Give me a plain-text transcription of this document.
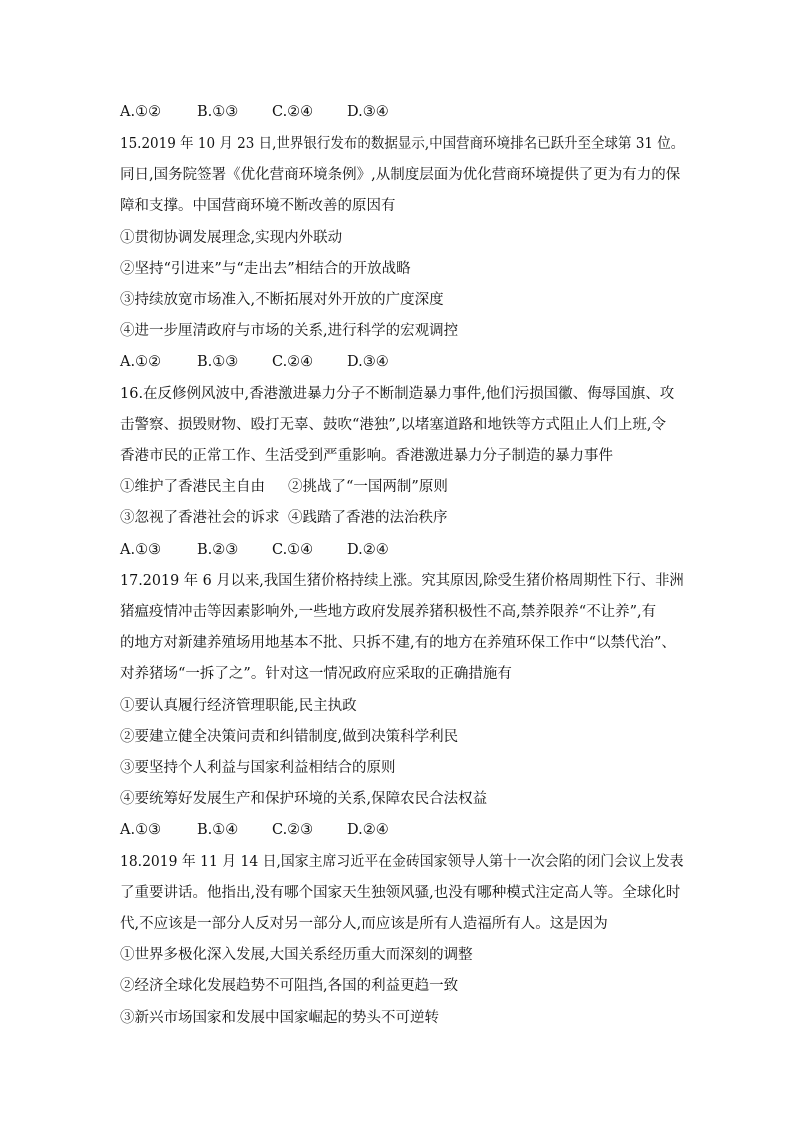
A.①② B.①③ C.②④ D.③④
15.2019 年 10 月 23 日,世界银行发布的数据显示,中国营商环境排名已跃升至全球第 31 位。
同日,国务院签署《优化营商环境条例》,从制度层面为优化营商环境提供了更为有力的保
障和支撑。中国营商环境不断改善的原因有
①贯彻协调发展理念,实现内外联动
②坚持“引进来”与“走出去”相结合的开放战略
③持续放宽市场准入,不断拓展对外开放的广度深度
④进一步厘清政府与市场的关系,进行科学的宏观调控
A.①② B.①③ C.②④ D.③④
16.在反修例风波中,香港激进暴力分子不断制造暴力事件,他们污损国徽、侮辱国旗、攻
击警察、损毁财物、殴打无辜、鼓吹“港独”,以堵塞道路和地铁等方式阻止人们上班,令
香港市民的正常工作、生活受到严重影响。香港激进暴力分子制造的暴力事件
①维护了香港民主自由 ②挑战了“一国两制”原则
③忽视了香港社会的诉求 ④践踏了香港的法治秩序
A.①③ B.②③ C.①④ D.②④
17.2019 年 6 月以来,我国生猪价格持续上涨。究其原因,除受生猪价格周期性下行、非洲
猪瘟疫情冲击等因素影响外,一些地方政府发展养猪积极性不高,禁养限养“不让养”,有
的地方对新建养殖场用地基本不批、只拆不建,有的地方在养殖环保工作中“以禁代治”、
对养猪场“一拆了之”。针对这一情况政府应采取的正确措施有
①要认真履行经济管理职能,民主执政
②要建立健全决策问责和纠错制度,做到决策科学利民
③要坚持个人利益与国家利益相结合的原则
④要统筹好发展生产和保护环境的关系,保障农民合法权益
A.①③ B.①④ C.②③ D.②④
18.2019 年 11 月 14 日,国家主席习近平在金砖国家领导人第十一次会陷的闭门会议上发表
了重要讲话。他指出,没有哪个国家天生独领风骚,也没有哪种模式注定高人等。全球化时
代,不应该是一部分人反对另一部分人,而应该是所有人造福所有人。这是因为
①世界多极化深入发展,大国关系经历重大而深刻的调整
②经济全球化发展趋势不可阻挡,各国的利益更趋一致
③新兴市场国家和发展中国家崛起的势头不可逆转
